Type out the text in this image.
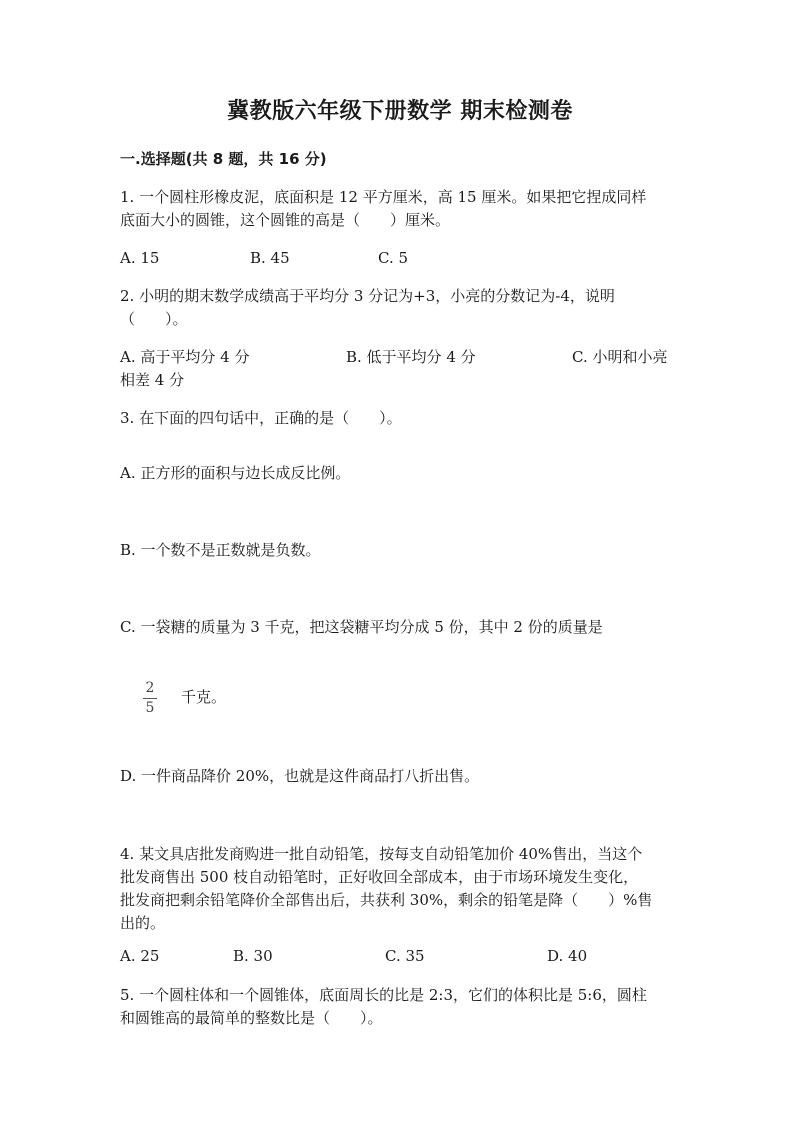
冀教版六年级下册数学 期末检测卷
一.选择题(共 8 题，共 16 分)
1. 一个圆柱形橡皮泥，底面积是 12 平方厘米，高 15 厘米。如果把它捏成同样
底面大小的圆锥，这个圆锥的高是（　　）厘米。
A. 15	B. 45	C. 5
2. 小明的期末数学成绩高于平均分 3 分记为+3，小亮的分数记为-4，说明
（　　）。
A. 高于平均分 4 分	B. 低于平均分 4 分	C. 小明和小亮
相差 4 分
3. 在下面的四句话中，正确的是（　　）。
A. 正方形的面积与边长成反比例。
B. 一个数不是正数就是负数。
C. 一袋糖的质量为 3 千克，把这袋糖平均分成 5 份，其中 2 份的质量是
2
5
千克。
D. 一件商品降价 20%，也就是这件商品打八折出售。
4. 某文具店批发商购进一批自动铅笔，按每支自动铅笔加价 40%售出，当这个
批发商售出 500 枝自动铅笔时，正好收回全部成本，由于市场环境发生变化，
批发商把剩余铅笔降价全部售出后，共获利 30%，剩余的铅笔是降（　　）%售
出的。
A. 25	B. 30	C. 35	D. 40
5. 一个圆柱体和一个圆锥体，底面周长的比是 2:3，它们的体积比是 5:6，圆柱
和圆锥高的最简单的整数比是（　　）。
